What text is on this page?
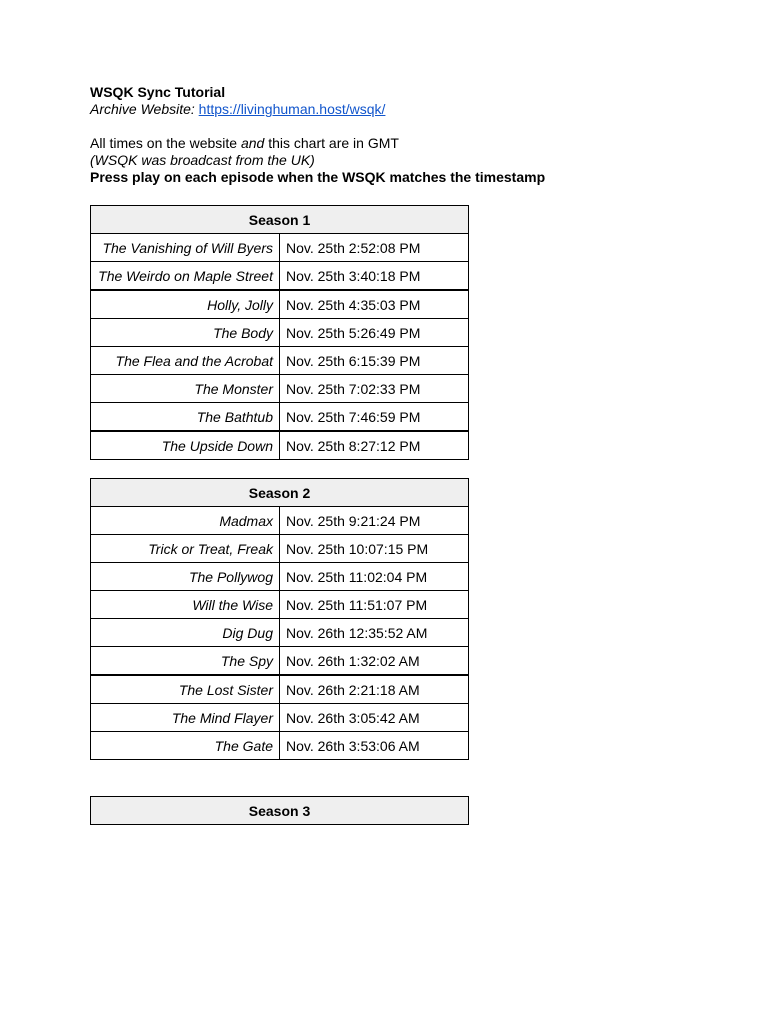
WSQK Sync Tutorial
Archive Website: https://livinghuman.host/wsqk/
All times on the website and this chart are in GMT
(WSQK was broadcast from the UK)
Press play on each episode when the WSQK matches the timestamp
Season 1	
The Vanishing of Will Byers	Nov. 25th 2:52:08 PM
The Weirdo on Maple Street	Nov. 25th 3:40:18 PM
Holly, Jolly	Nov. 25th 4:35:03 PM
The Body	Nov. 25th 5:26:49 PM
The Flea and the Acrobat	Nov. 25th 6:15:39 PM
The Monster	Nov. 25th 7:02:33 PM
The Bathtub	Nov. 25th 7:46:59 PM
The Upside Down	Nov. 25th 8:27:12 PM
Season 2	
Madmax	Nov. 25th 9:21:24 PM
Trick or Treat, Freak	Nov. 25th 10:07:15 PM
The Pollywog	Nov. 25th 11:02:04 PM
Will the Wise	Nov. 25th 11:51:07 PM
Dig Dug	Nov. 26th 12:35:52 AM
The Spy	Nov. 26th 1:32:02 AM
The Lost Sister	Nov. 26th 2:21:18 AM
The Mind Flayer	Nov. 26th 3:05:42 AM
The Gate	Nov. 26th 3:53:06 AM
Season 3
